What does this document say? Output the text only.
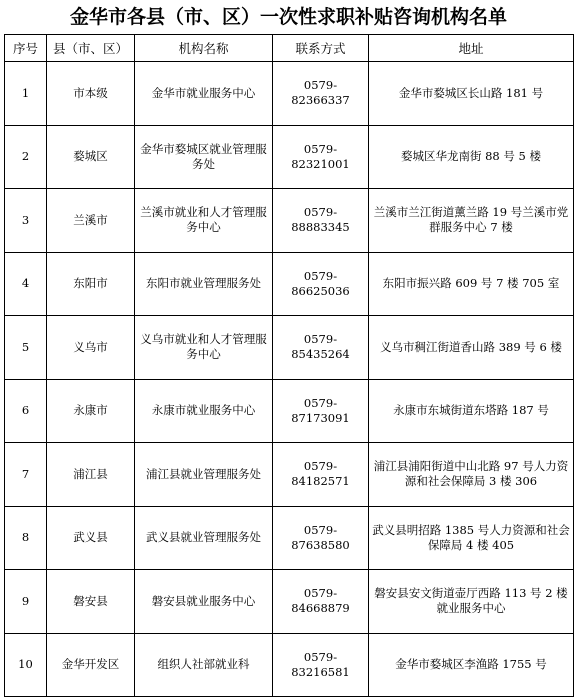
金华市各县（市、区）一次性求职补贴咨询机构名单
序号	县（市、区）	机构名称	联系方式	地址
1	市本级	金华市就业服务中心	0579-82366337	金华市婺城区长山路 181 号
2	婺城区	金华市婺城区就业管理服务处	0579-82321001	婺城区华龙南街 88 号 5 楼
3	兰溪市	兰溪市就业和人才管理服务中心	0579-88883345	兰溪市兰江街道薰兰路 19 号兰溪市党群服务中心 7 楼
4	东阳市	东阳市就业管理服务处	0579-86625036	东阳市振兴路 609 号 7 楼 705 室
5	义乌市	义乌市就业和人才管理服务中心	0579-85435264	义乌市稠江街道香山路 389 号 6 楼
6	永康市	永康市就业服务中心	0579-87173091	永康市东城街道东塔路 187 号
7	浦江县	浦江县就业管理服务处	0579-84182571	浦江县浦阳街道中山北路 97 号人力资源和社会保障局 3 楼 306
8	武义县	武义县就业管理服务处	0579-87638580	武义县明招路 1385 号人力资源和社会保障局 4 楼 405
9	磐安县	磐安县就业服务中心	0579-84668879	磐安县安文街道壶厅西路 113 号 2 楼就业服务中心
10	金华开发区	组织人社部就业科	0579-83216581	金华市婺城区李渔路 1755 号
